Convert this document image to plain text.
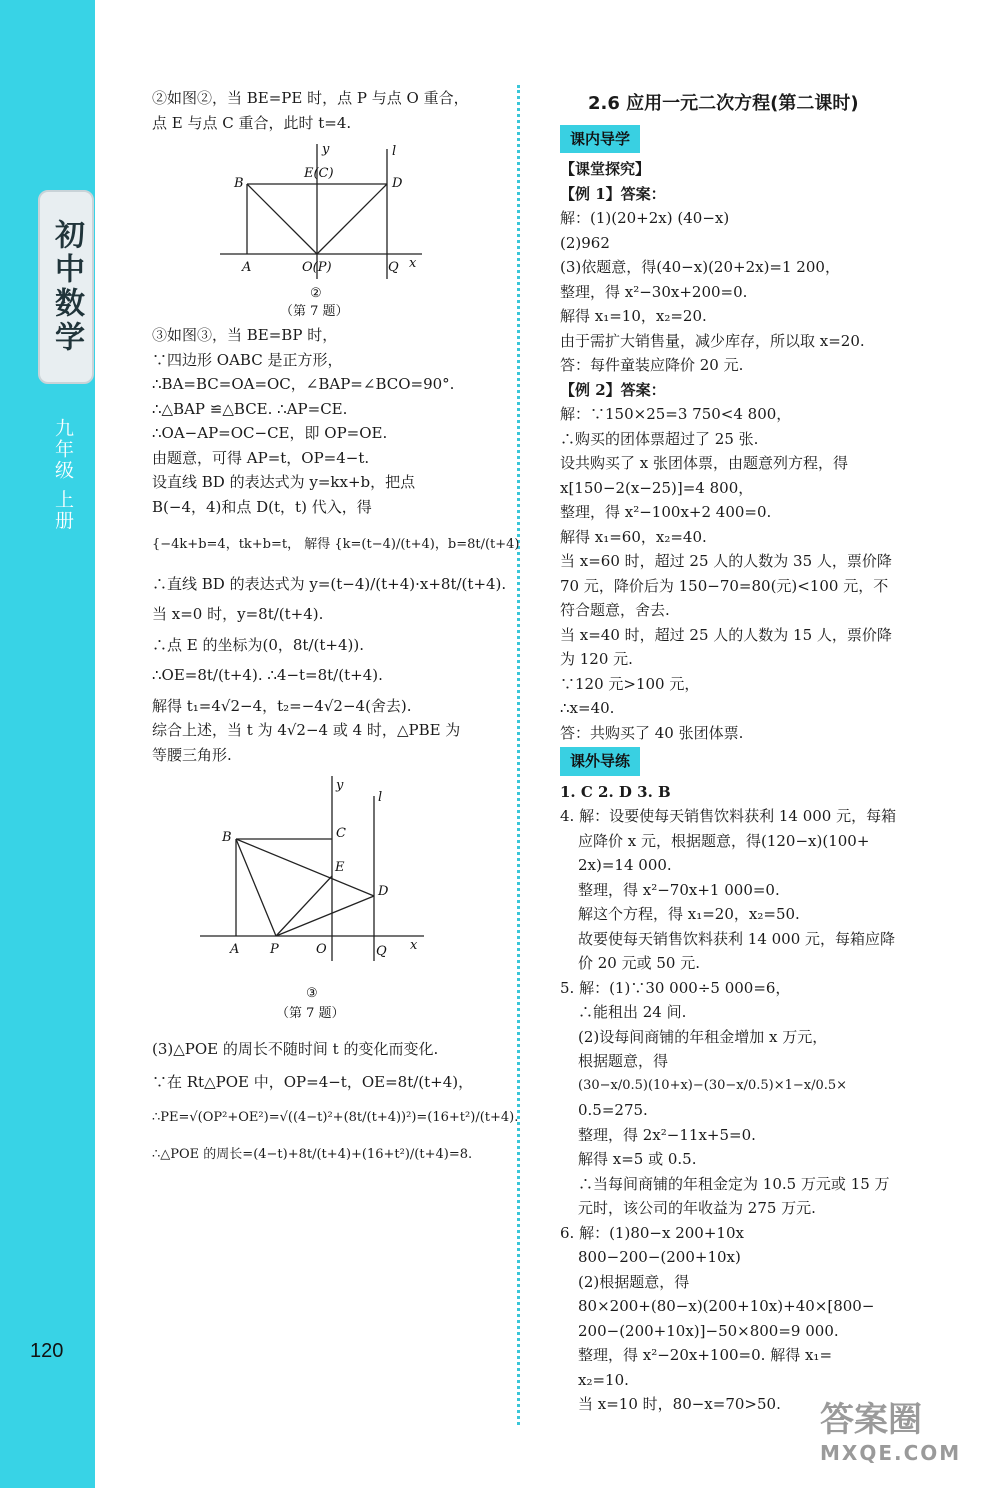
初中数学
九年级 上册
120

②如图②，当 BE=PE 时，点 P 与点 O 重合，

点 E 与点 C 重合，此时 t=4.

B
E(C)
D
A	O(P)	Q x
y	l
②
（第 7 题）

③如图③，当 BE=BP 时，

∵四边形 OABC 是正方形，

∴BA=BC=OA=OC，∠BAP=∠BCO=90°.

∴△BAP ≌△BCE. ∴AP=CE.

∴OA−AP=OC−CE，即 OP=OE.

由题意，可得 AP=t，OP=4−t.

设直线 BD 的表达式为 y=kx+b，把点

B(−4，4)和点 D(t，t) 代入，得

{−4k+b=4，tk+b=t， 解得 {k=(t−4)/(t+4)，b=8t/(t+4)

∴直线 BD 的表达式为 y=(t−4)/(t+4)·x+8t/(t+4).

当 x=0 时，y=8t/(t+4).

∴点 E 的坐标为(0，8t/(t+4)).

∴OE=8t/(t+4). ∴4−t=8t/(t+4).

解得 t₁=4√2−4，t₂=−4√2−4(舍去).

综合上述，当 t 为 4√2−4 或 4 时，△PBE 为

等腰三角形.

B	C
E
D
A P	O	Q x
y
l
③
（第 7 题）

(3)△POE 的周长不随时间 t 的变化而变化.

∵在 Rt△POE 中，OP=4−t，OE=8t/(t+4)，

∴PE=√(OP²+OE²)=√((4−t)²+(8t/(t+4))²)=(16+t²)/(t+4).

∴△POE 的周长=(4−t)+8t/(t+4)+(16+t²)/(t+4)=8.

2.6 应用一元二次方程(第二课时)

课内导学

【课堂探究】

【例 1】答案：

解：(1)(20+2x) (40−x)

(2)962

(3)依题意，得(40−x)(20+2x)=1 200，

整理，得 x²−30x+200=0.

解得 x₁=10，x₂=20.

由于需扩大销售量，减少库存，所以取 x=20.

答：每件童装应降价 20 元.

【例 2】答案：

解：∵150×25=3 750<4 800，

∴购买的团体票超过了 25 张.

设共购买了 x 张团体票，由题意列方程，得

x[150−2(x−25)]=4 800，

整理，得 x²−100x+2 400=0.

解得 x₁=60，x₂=40.

当 x=60 时，超过 25 人的人数为 35 人，票价降

70 元，降价后为 150−70=80(元)<100 元，不

符合题意，舍去.

当 x=40 时，超过 25 人的人数为 15 人，票价降

为 120 元.

∵120 元>100 元，

∴x=40.

答：共购买了 40 张团体票.

课外导练

1. C 2. D 3. B

4. 解：设要使每天销售饮料获利 14 000 元，每箱

应降价 x 元，根据题意，得(120−x)(100+

2x)=14 000.

整理，得 x²−70x+1 000=0.

解这个方程，得 x₁=20，x₂=50.

故要使每天销售饮料获利 14 000 元，每箱应降

价 20 元或 50 元.

5. 解：(1)∵30 000÷5 000=6，

∴能租出 24 间.

(2)设每间商铺的年租金增加 x 万元，

根据题意，得

(30−x/0.5)(10+x)−(30−x/0.5)×1−x/0.5×

0.5=275.

整理，得 2x²−11x+5=0.

解得 x=5 或 0.5.

∴当每间商铺的年租金定为 10.5 万元或 15 万

元时，该公司的年收益为 275 万元.

6. 解：(1)80−x 200+10x

800−200−(200+10x)

(2)根据题意，得

80×200+(80−x)(200+10x)+40×[800−

200−(200+10x)]−50×800=9 000.

整理，得 x²−20x+100=0. 解得 x₁=

x₂=10.

当 x=10 时，80−x=70>50.	答案圈
MXQE.COM
